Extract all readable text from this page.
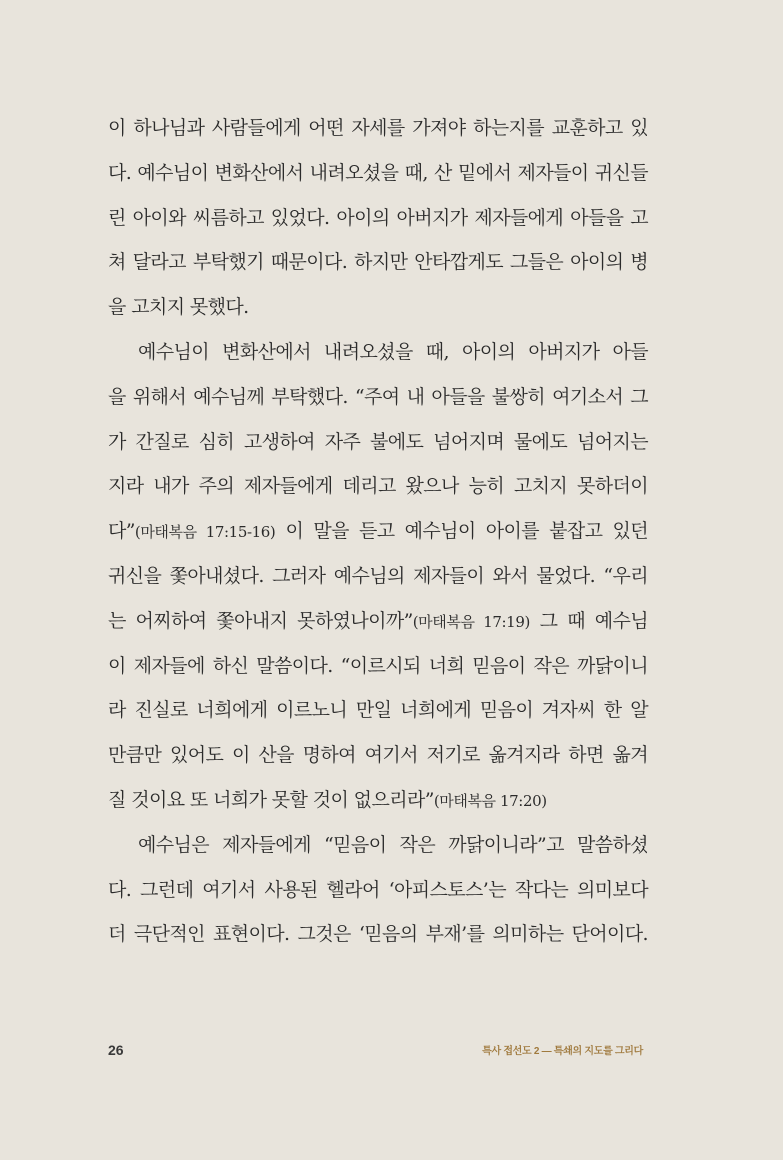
이 하나님과 사람들에게 어떤 자세를 가져야 하는지를 교훈하고 있
다. 예수님이 변화산에서 내려오셨을 때, 산 밑에서 제자들이 귀신들
린 아이와 씨름하고 있었다. 아이의 아버지가 제자들에게 아들을 고
쳐 달라고 부탁했기 때문이다. 하지만 안타깝게도 그들은 아이의 병
을 고치지 못했다.
예수님이 변화산에서 내려오셨을 때, 아이의 아버지가 아들
을 위해서 예수님께 부탁했다. “주여 내 아들을 불쌍히 여기소서 그
가 간질로 심히 고생하여 자주 불에도 넘어지며 물에도 넘어지는
지라 내가 주의 제자들에게 데리고 왔으나 능히 고치지 못하더이
다”(마태복음 17:15-16) 이 말을 듣고 예수님이 아이를 붙잡고 있던
귀신을 쫓아내셨다. 그러자 예수님의 제자들이 와서 물었다. “우리
는 어찌하여 쫓아내지 못하였나이까”(마태복음 17:19) 그 때 예수님
이 제자들에 하신 말씀이다. “이르시되 너희 믿음이 작은 까닭이니
라 진실로 너희에게 이르노니 만일 너희에게 믿음이 겨자씨 한 알
만큼만 있어도 이 산을 명하여 여기서 저기로 옮겨지라 하면 옮겨
질 것이요 또 너희가 못할 것이 없으리라”(마태복음 17:20)
예수님은 제자들에게 “믿음이 작은 까닭이니라”고 말씀하셨
다. 그런데 여기서 사용된 헬라어 ‘아피스토스’는 작다는 의미보다
더 극단적인 표현이다. 그것은 ‘믿음의 부재’를 의미하는 단어이다.
26	특사 접선도 2 — 특쇄의 지도를 그리다
